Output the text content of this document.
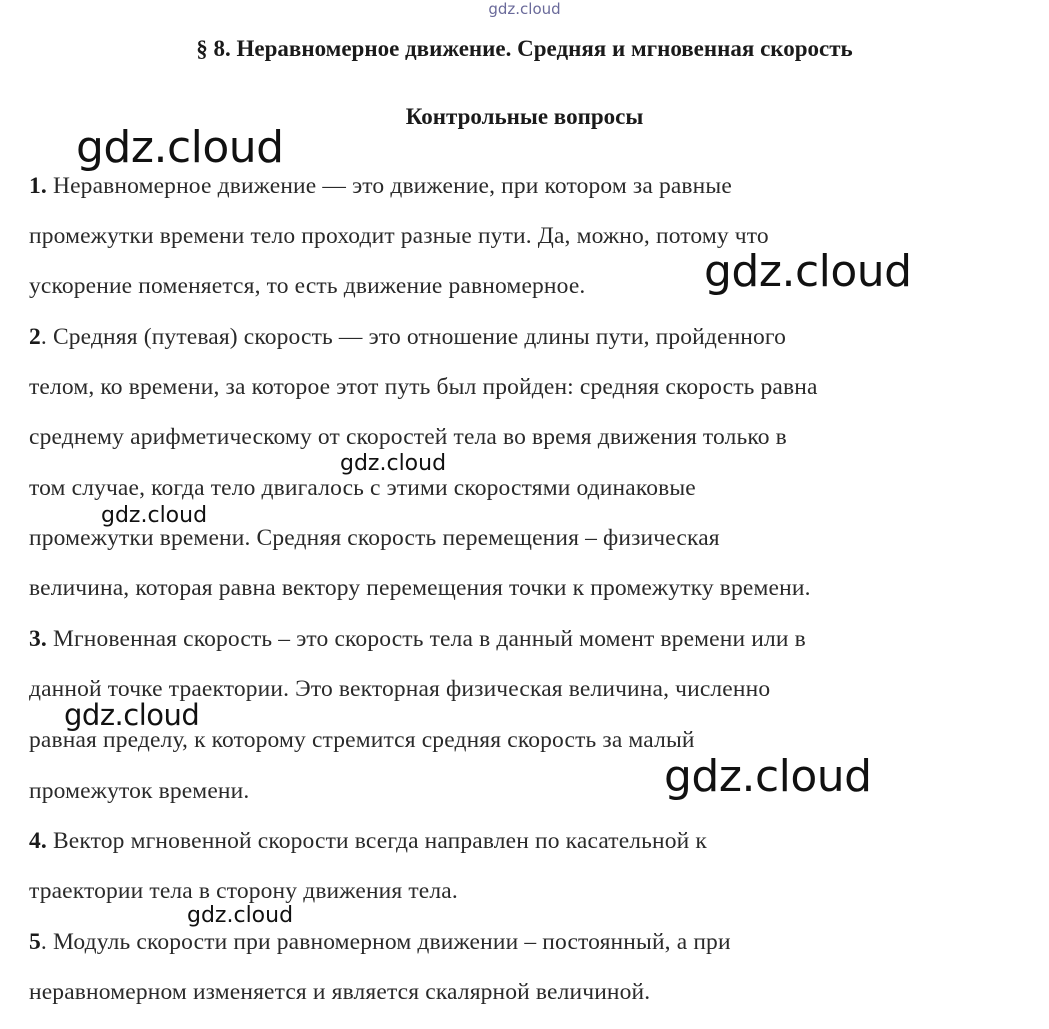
gdz.cloud
§ 8. Неравномерное движение. Средняя и мгновенная скорость
Контрольные вопросы
1. Неравномерное движение — это движение, при котором за равные
промежутки времени тело проходит разные пути. Да, можно, потому что
ускорение поменяется, то есть движение равномерное.
2. Средняя (путевая) скорость — это отношение длины пути, пройденного
телом, ко времени, за которое этот путь был пройден: средняя скорость равна
среднему арифметическому от скоростей тела во время движения только в
том случае, когда тело двигалось с этими скоростями одинаковые
промежутки времени. Средняя скорость перемещения – физическая
величина, которая равна вектору перемещения точки к промежутку времени.
3. Мгновенная скорость – это скорость тела в данный момент времени или в
данной точке траектории. Это векторная физическая величина, численно
равная пределу, к которому стремится средняя скорость за малый
промежуток времени.
4. Вектор мгновенной скорости всегда направлен по касательной к
траектории тела в сторону движения тела.
5. Модуль скорости при равномерном движении – постоянный, а при
неравномерном изменяется и является скалярной величиной.
gdz.cloud
gdz.cloud
gdz.cloud
gdz.cloud
gdz.cloud
gdz.cloud
gdz.cloud
